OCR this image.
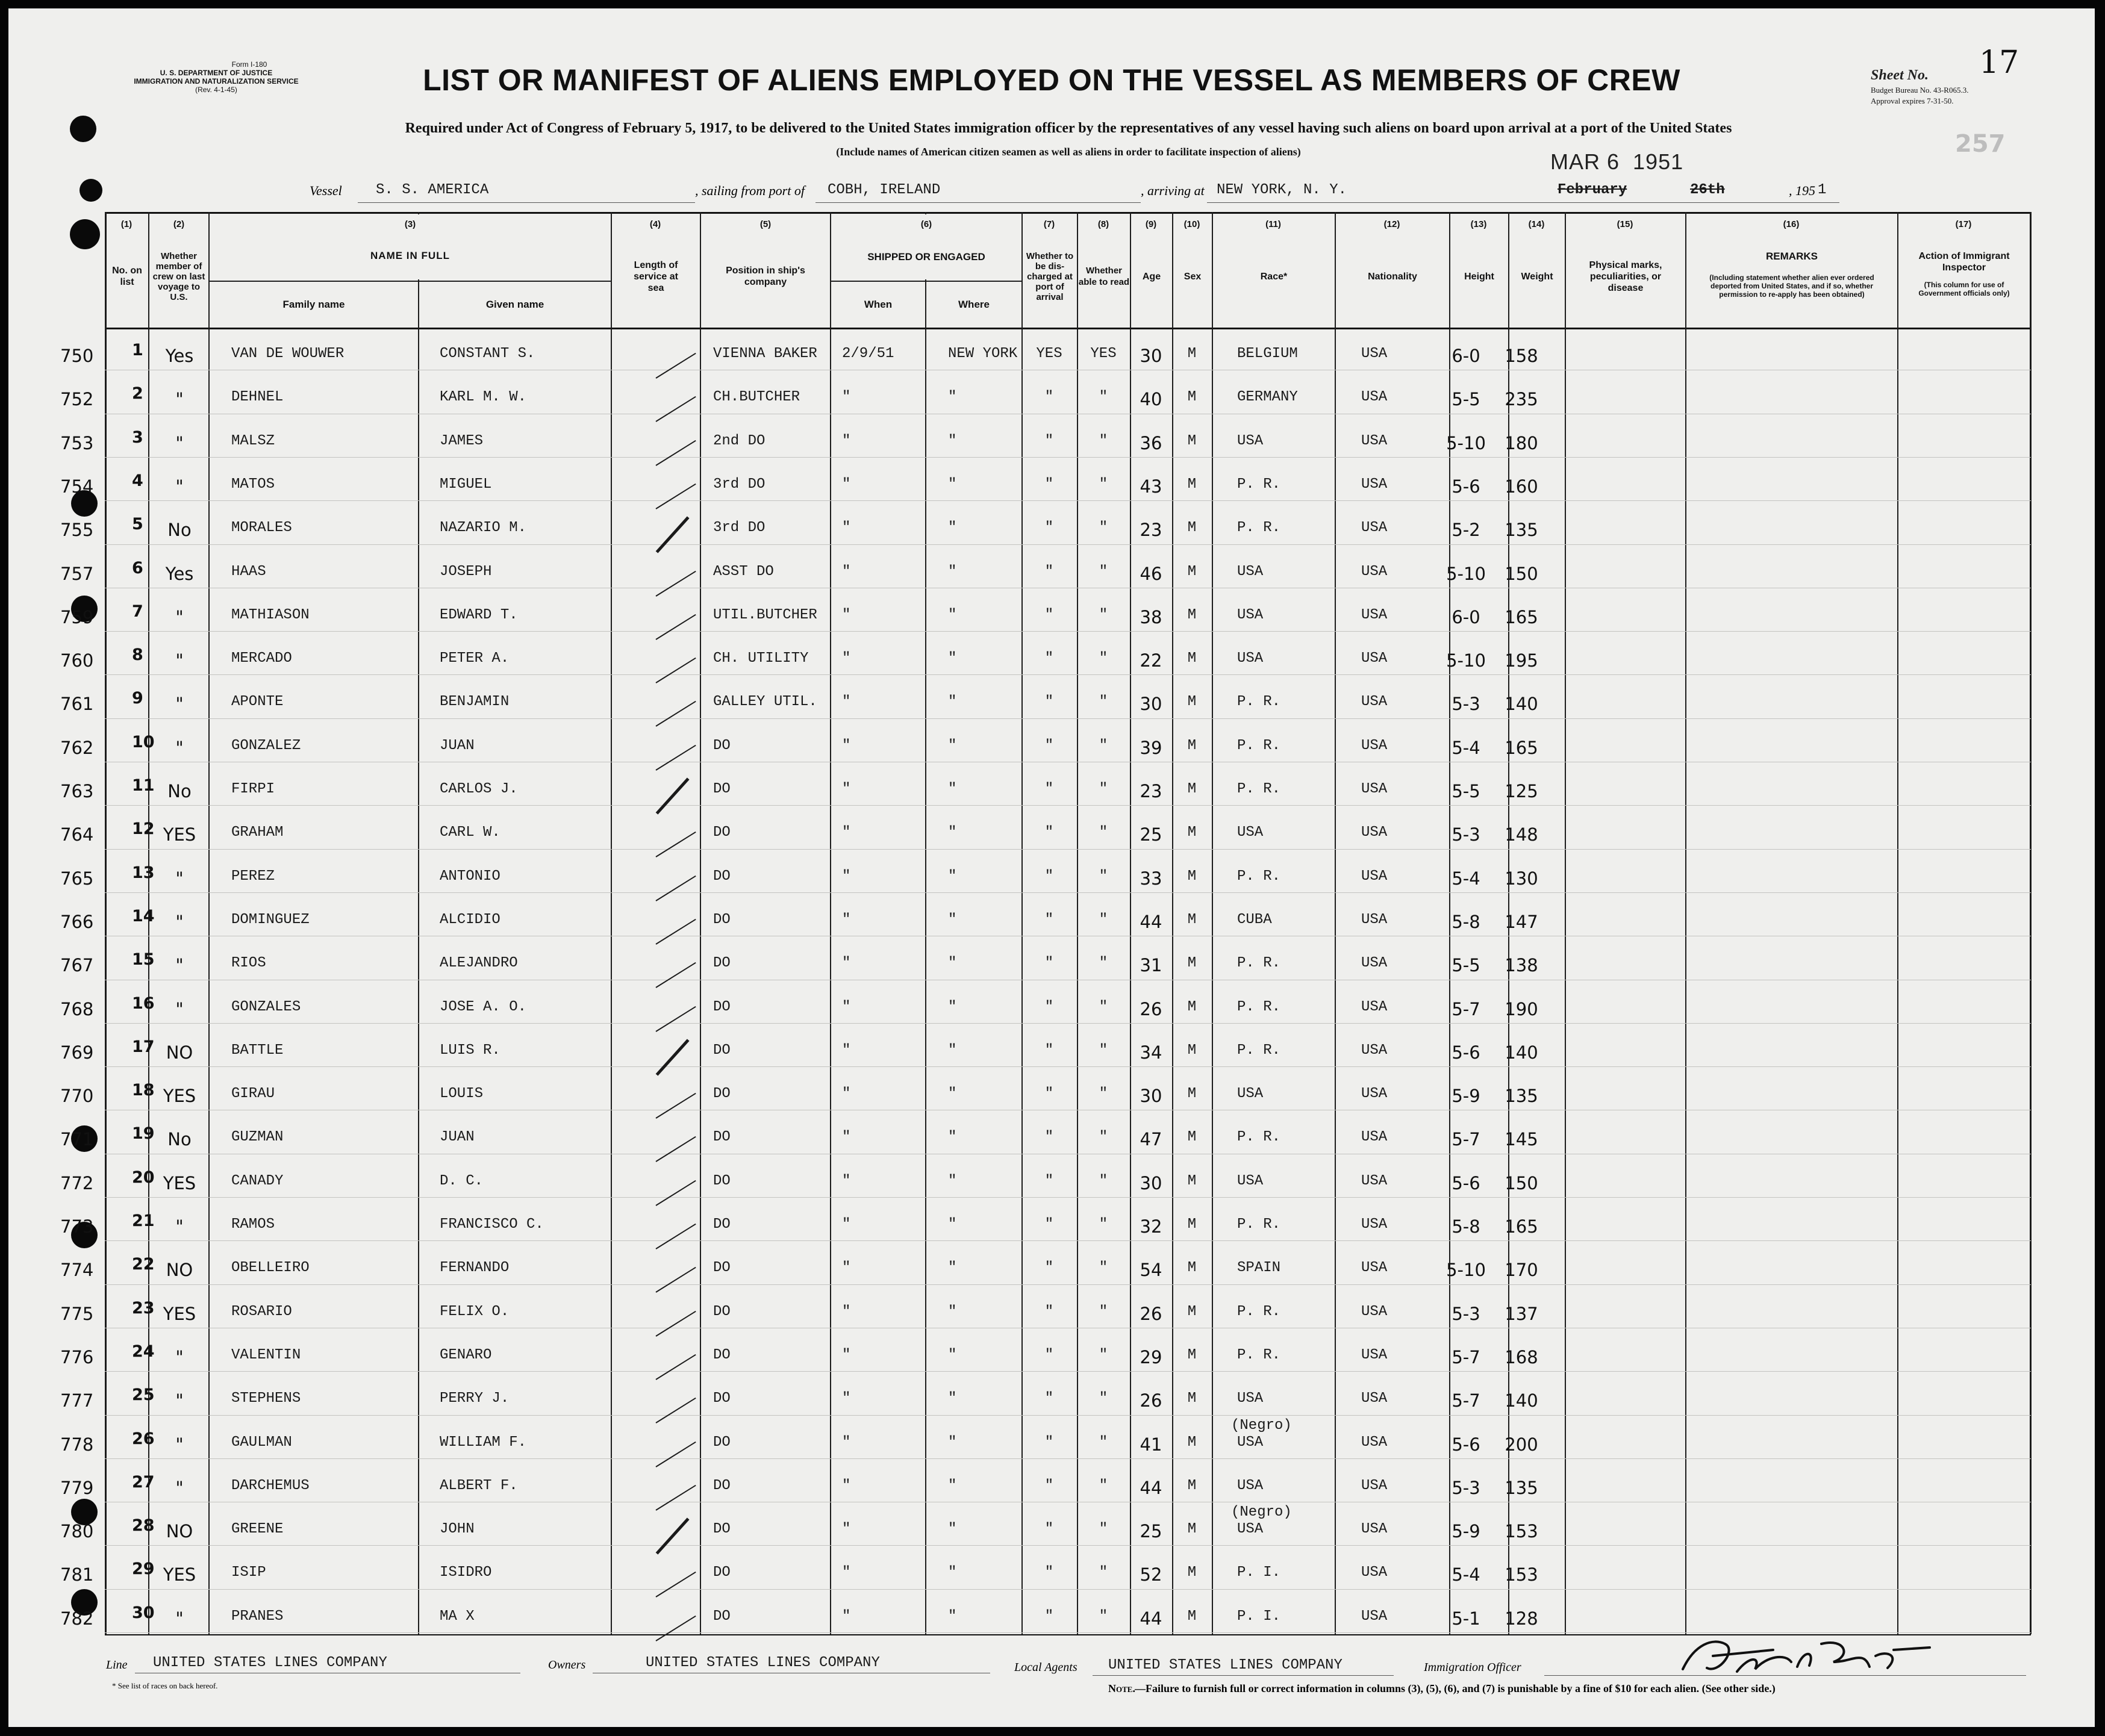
Form I-180
U. S. DEPARTMENT OF JUSTICE
IMMIGRATION AND NATURALIZATION SERVICE
(Rev. 4-1-45)	LIST OR MANIFEST OF ALIENS EMPLOYED ON THE VESSEL AS MEMBERS OF CREW
Required under Act of Congress of February 5, 1917, to be delivered to the United States immigration officer by the representatives of any vessel having such aliens on board upon arrival at a port of the United States
(Include names of American citizen seamen as well as aliens in order to facilitate inspection of aliens)
Sheet No. 17
Budget Bureau No. 43-R065.3.
Approval expires 7-31-50.
257
MAR 6  1951
Vessel S. S. AMERICA	, sailing from port of COBH, IRELAND	, arriving at NEW YORK, N. Y.	February	26th	, 195 1
(1)	(2)	(3)	(4)	(5)	(6)	(7)	(8)	(9)	(10)	(11)	(12)	(13)	(14)	(15)	(16)	(17)
No. on list
Whether member of crew on last voyage to U.S.
NAME IN FULL
Family name	Given name
Length of service at sea
Position in ship's company
SHIPPED OR ENGAGED
When	Where
Whether to be dis-charged at port of arrival
Whether able to read
Age	Sex	Race*	Nationality	Height	Weight
Physical marks, peculiarities, or disease
REMARKS
(Including statement whether alien ever ordered deported from United States, and if so, whether permission to re-apply has been obtained)
Action of Immigrant Inspector
(This column for use of Government officials only)
750 1 Yes	VAN DE WOUWER	CONSTANT S.	VIENNA BAKER 2/9/51	NEW YORK YES YES 30 M	BELGIUM	USA	6-0 158
752 2 "	DEHNEL	KARL M. W.	CH.BUTCHER	"	"	"	" 40 M	GERMANY	USA	5-5 235
753 3 "	MALSZ	JAMES	2nd DO	"	"	"	" 36 M	USA	USA	5-10 180
754 4 "	MATOS	MIGUEL	3rd DO	"	"	"	" 43 M	P. R.	USA	5-6 160
755 5 No	MORALES	NAZARIO M.	3rd DO	"	"	"	" 23 M	P. R.	USA	5-2 135
757 6 Yes	HAAS	JOSEPH	ASST DO	"	"	"	" 46 M	USA	USA	5-10 150
759 7 "	MATHIASON	EDWARD T.	UTIL.BUTCHER "	"	"	" 38 M	USA	USA	6-0 165
760 8 "	MERCADO	PETER A.	CH. UTILITY "	"	"	" 22 M	USA	USA	5-10 195
761 9 "	APONTE	BENJAMIN	GALLEY UTIL. "	"	"	" 30 M	P. R.	USA	5-3 140
762 10 "	GONZALEZ	JUAN	DO	"	"	"	" 39 M	P. R.	USA	5-4 165
763 11 No	FIRPI	CARLOS J.	DO	"	"	"	" 23 M	P. R.	USA	5-5 125
764 12 YES GRAHAM	CARL W.	DO	"	"	"	" 25 M	USA	USA	5-3 148
765 13 "	PEREZ	ANTONIO	DO	"	"	"	" 33 M	P. R.	USA	5-4 130
766 14 "	DOMINGUEZ	ALCIDIO	DO	"	"	"	" 44 M	CUBA	USA	5-8 147
767 15 "	RIOS	ALEJANDRO	DO	"	"	"	" 31 M	P. R.	USA	5-5 138
768 16 "	GONZALES	JOSE A. O.	DO	"	"	"	" 26 M	P. R.	USA	5-7 190
769 17 NO	BATTLE	LUIS R.	DO	"	"	"	" 34 M	P. R.	USA	5-6 140
770 18 YES GIRAU	LOUIS	DO	"	"	"	" 30 M	USA	USA	5-9 135
771 19 No	GUZMAN	JUAN	DO	"	"	"	" 47 M	P. R.	USA	5-7 145
772 20 YES CANADY	D. C.	DO	"	"	"	" 30 M	USA	USA	5-6 150
773 21 "	RAMOS	FRANCISCO C.	DO	"	"	"	" 32 M	P. R.	USA	5-8 165
774 22 NO	OBELLEIRO	FERNANDO	DO	"	"	"	" 54 M	SPAIN	USA	5-10 170
775 23 YES ROSARIO	FELIX O.	DO	"	"	"	" 26 M	P. R.	USA	5-3 137
776 24 "	VALENTIN	GENARO	DO	"	"	"	" 29 M	P. R.	USA	5-7 168
777 25 "	STEPHENS	PERRY J.	DO	"	"	"	" 26 M	USA	USA	5-7 140
778 26 "	GAULMAN	WILLIAM F.	DO	"	"	"	" 41 M	USA	USA	5-6 200
(Negro)
779 27 "	DARCHEMUS	ALBERT F.	DO	"	"	"	" 44 M	USA	USA	5-3 135
780 28 NO	GREENE	JOHN	DO	"	"	"	" 25 M	USA	USA	5-9 153
(Negro)
781 29 YES ISIP	ISIDRO	DO	"	"	"	" 52 M	P. I.	USA	5-4 153
782 30 "	PRANES	MA X	DO	"	"	"	" 44 M	P. I.	USA	5-1 128
Line UNITED STATES LINES COMPANY	Owners	UNITED STATES LINES COMPANY	Local Agents UNITED STATES LINES COMPANY	Immigration Officer
* See list of races on back hereof.	Note. —Failure to furnish full or correct information in columns (3), (5), (6), and (7) is punishable by a fine of $10 for each alien. (See other side.)
